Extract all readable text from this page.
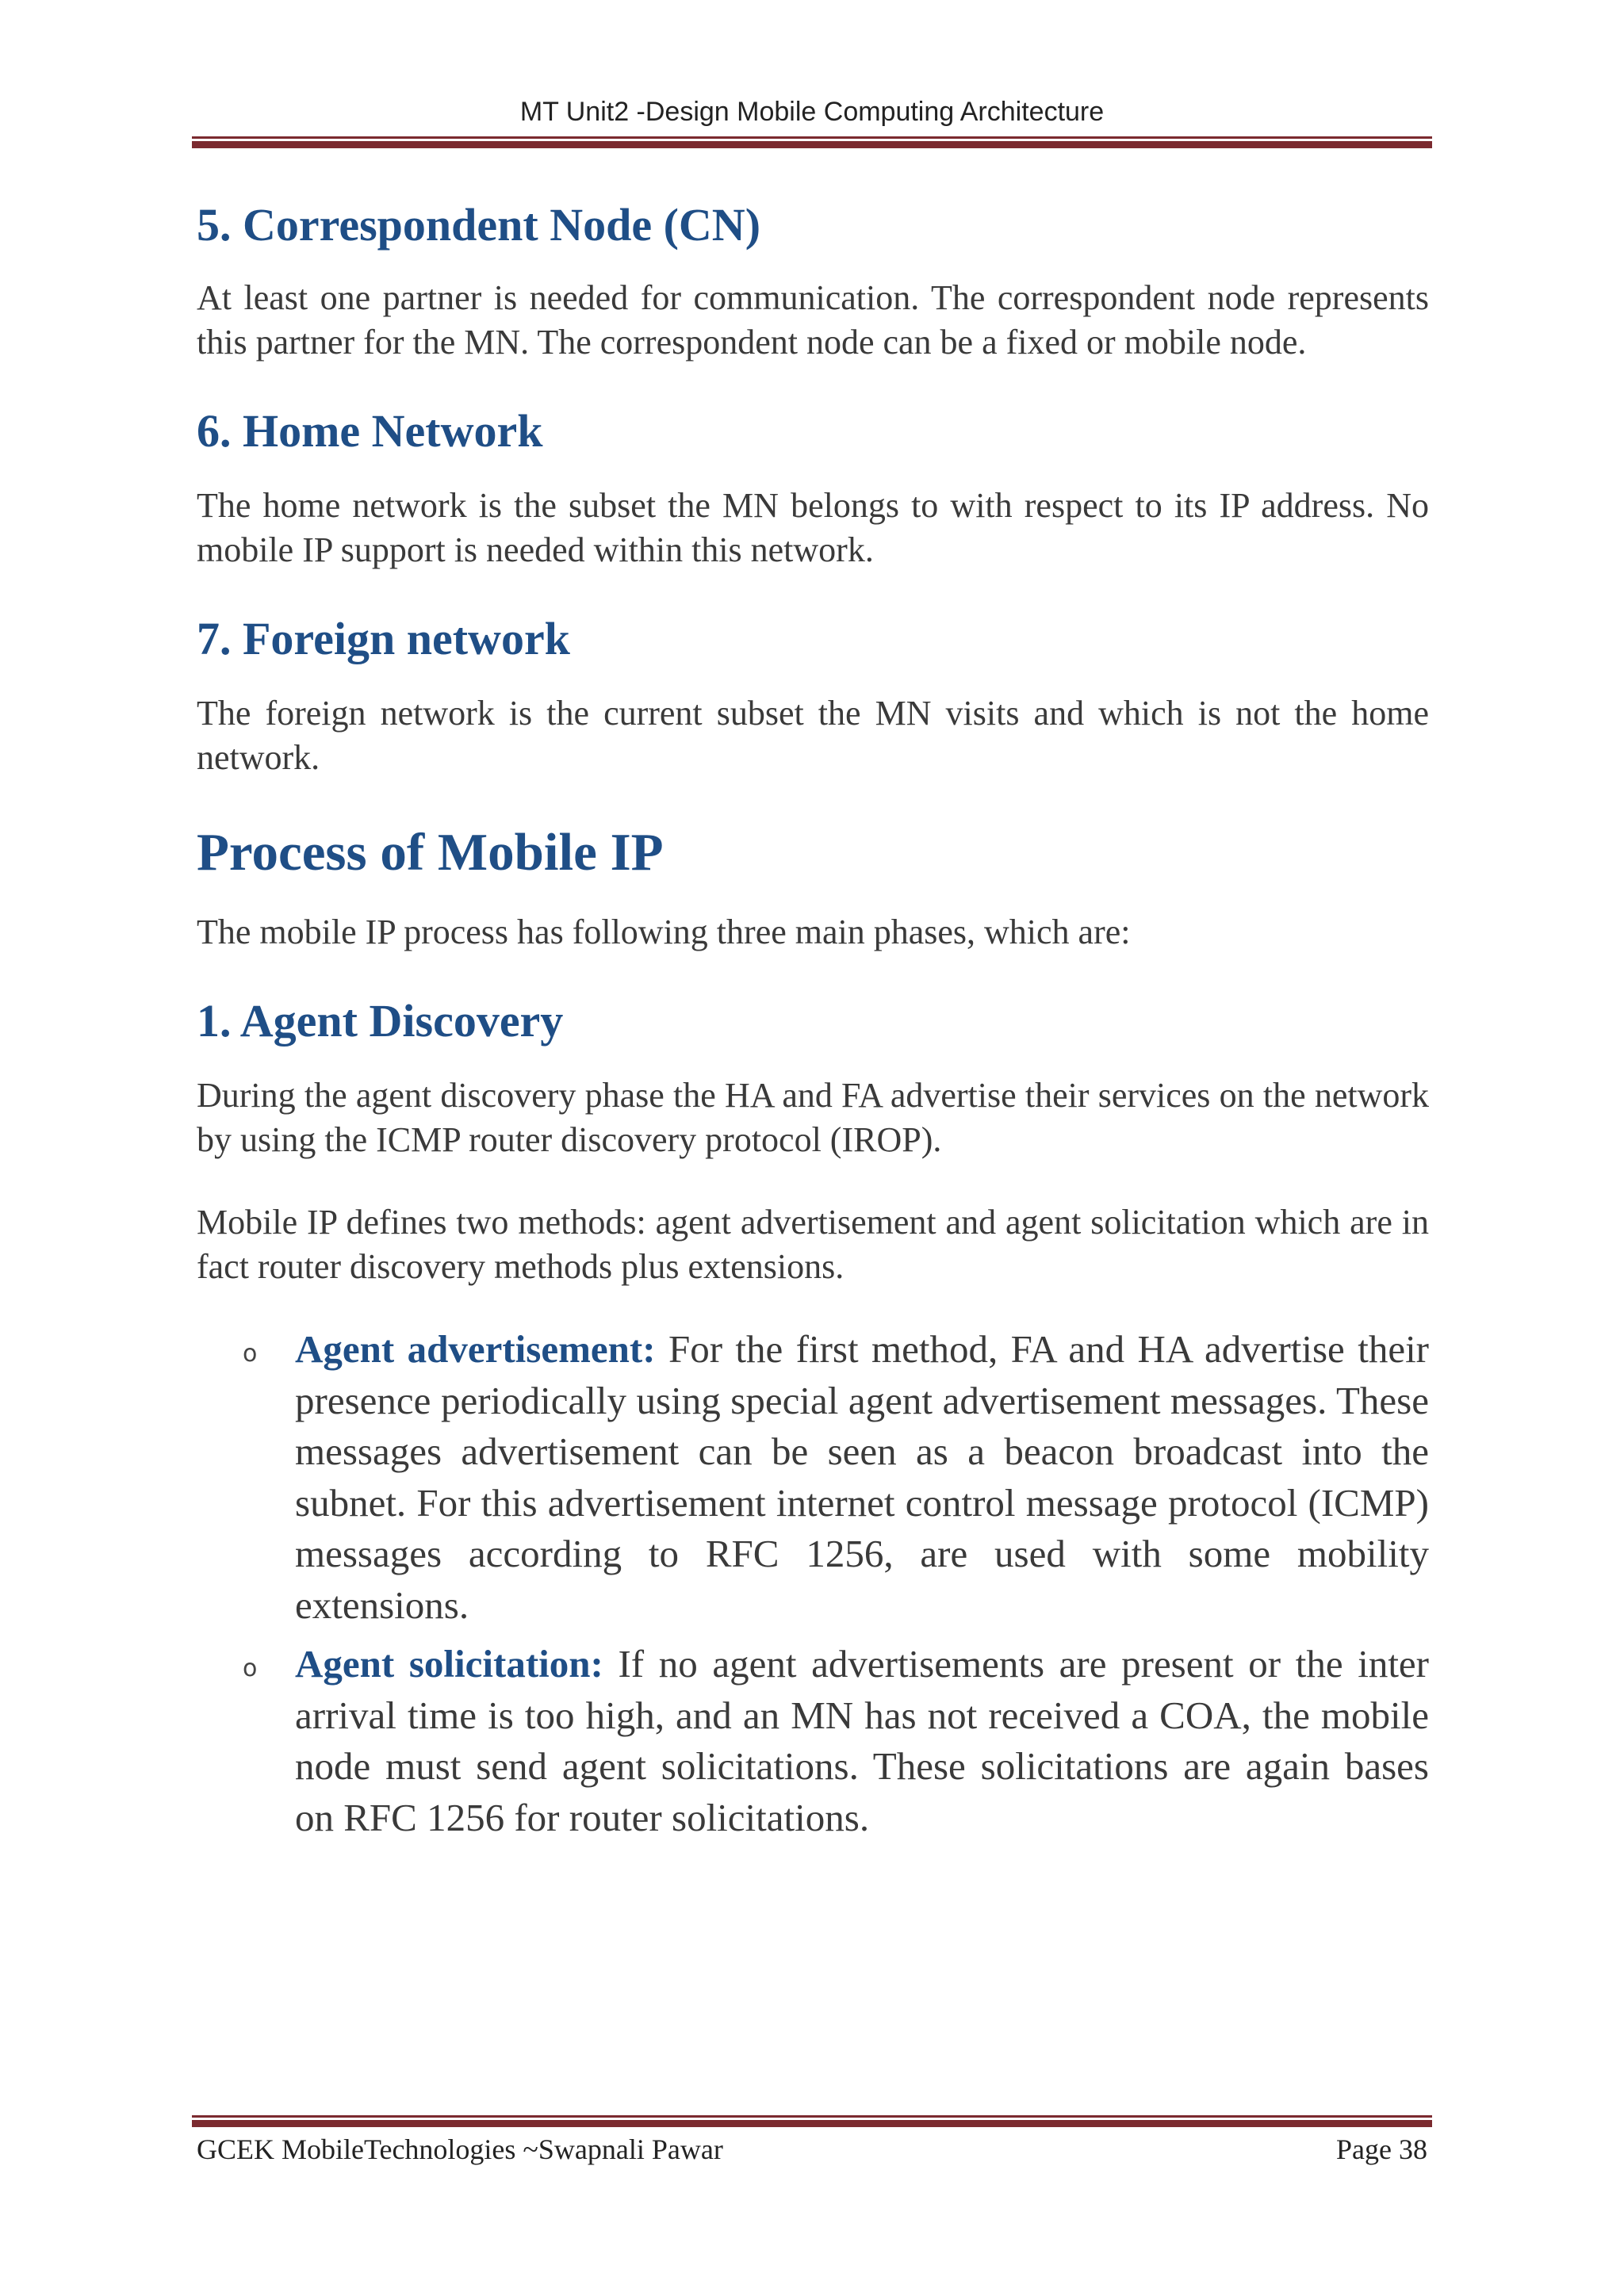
MT Unit2 -Design Mobile Computing Architecture
5. Correspondent Node (CN)

At least one partner is needed for communication. The correspondent node represents this partner for the MN. The correspondent node can be a fixed or mobile node.

6. Home Network

The home network is the subset the MN belongs to with respect to its IP address. No mobile IP support is needed within this network.

7. Foreign network

The foreign network is the current subset the MN visits and which is not the home network.

Process of Mobile IP

The mobile IP process has following three main phases, which are:

1. Agent Discovery

During the agent discovery phase the HA and FA advertise their services on the network by using the ICMP router discovery protocol (IROP).

Mobile IP defines two methods: agent advertisement and agent solicitation which are in fact router discovery methods plus extensions.

o Agent advertisement: For the first method, FA and HA advertise their presence periodically using special agent advertisement messages. These messages advertisement can be seen as a beacon broadcast into the subnet. For this advertisement internet control message protocol (ICMP) messages according to RFC 1256, are used with some mobility extensions.
o Agent solicitation: If no agent advertisements are present or the inter arrival time is too high, and an MN has not received a COA, the mobile node must send agent solicitations. These solicitations are again bases on RFC 1256 for router solicitations.
GCEK MobileTechnologies ~Swapnali Pawar	Page 38
